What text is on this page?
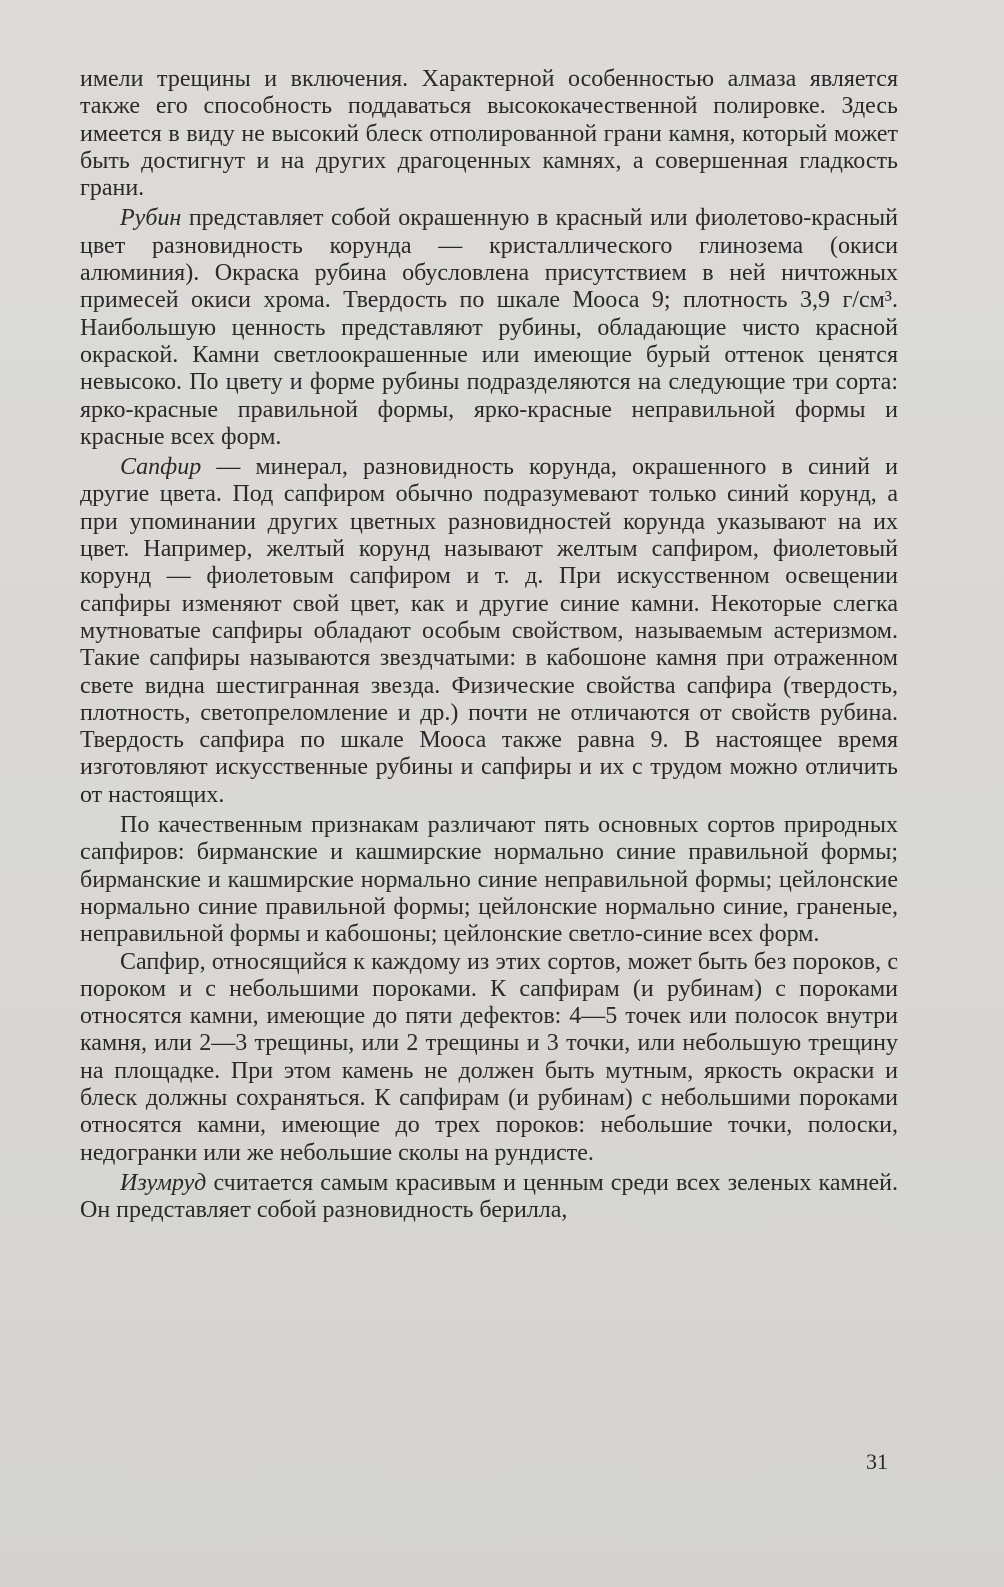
имели трещины и включения. Характерной особенностью алмаза является также его способность поддаваться высококачественной полировке. Здесь имеется в виду не высокий блеск отполированной грани камня, который может быть достигнут и на других драгоценных камнях, а совершенная гладкость грани.

Рубин представляет собой окрашенную в красный или фиолетово-красный цвет разновидность корунда — кристаллического глинозема (окиси алюминия). Окраска рубина обусловлена присутствием в ней ничтожных примесей окиси хрома. Твердость по шкале Мооса 9; плотность 3,9 г/см³. Наибольшую ценность представляют рубины, обладающие чисто красной окраской. Камни светлоокрашенные или имеющие бурый оттенок ценятся невысоко. По цвету и форме рубины подразделяются на следующие три сорта: ярко-красные правильной формы, ярко-красные неправильной формы и красные всех форм.

Сапфир — минерал, разновидность корунда, окрашенного в синий и другие цвета. Под сапфиром обычно подразумевают только синий корунд, а при упоминании других цветных разновидностей корунда указывают на их цвет. Например, желтый корунд называют желтым сапфиром, фиолетовый корунд — фиолетовым сапфиром и т. д. При искусственном освещении сапфиры изменяют свой цвет, как и другие синие камни. Некоторые слегка мутноватые сапфиры обладают особым свойством, называемым астеризмом. Такие сапфиры называются звездчатыми: в кабошоне камня при отраженном свете видна шестигранная звезда. Физические свойства сапфира (твердость, плотность, светопреломление и др.) почти не отличаются от свойств рубина. Твердость сапфира по шкале Мооса также равна 9. В настоящее время изготовляют искусственные рубины и сапфиры и их с трудом можно отличить от настоящих.

По качественным признакам различают пять основных сортов природных сапфиров: бирманские и кашмирские нормально синие правильной формы; бирманские и кашмирские нормально синие неправильной формы; цейлонские нормально синие правильной формы; цейлонские нормально синие, граненые, неправильной формы и кабошоны; цейлонские светло-синие всех форм.

Сапфир, относящийся к каждому из этих сортов, может быть без пороков, с пороком и с небольшими пороками. К сапфирам (и рубинам) с пороками относятся камни, имеющие до пяти дефектов: 4—5 точек или полосок внутри камня, или 2—3 трещины, или 2 трещины и 3 точки, или небольшую трещину на площадке. При этом камень не должен быть мутным, яркость окраски и блеск должны сохраняться. К сапфирам (и рубинам) с небольшими пороками относятся камни, имеющие до трех пороков: небольшие точки, полоски, недогранки или же небольшие сколы на рундисте.

Изумруд считается самым красивым и ценным среди всех зеленых камней. Он представляет собой разновидность берилла,

31
